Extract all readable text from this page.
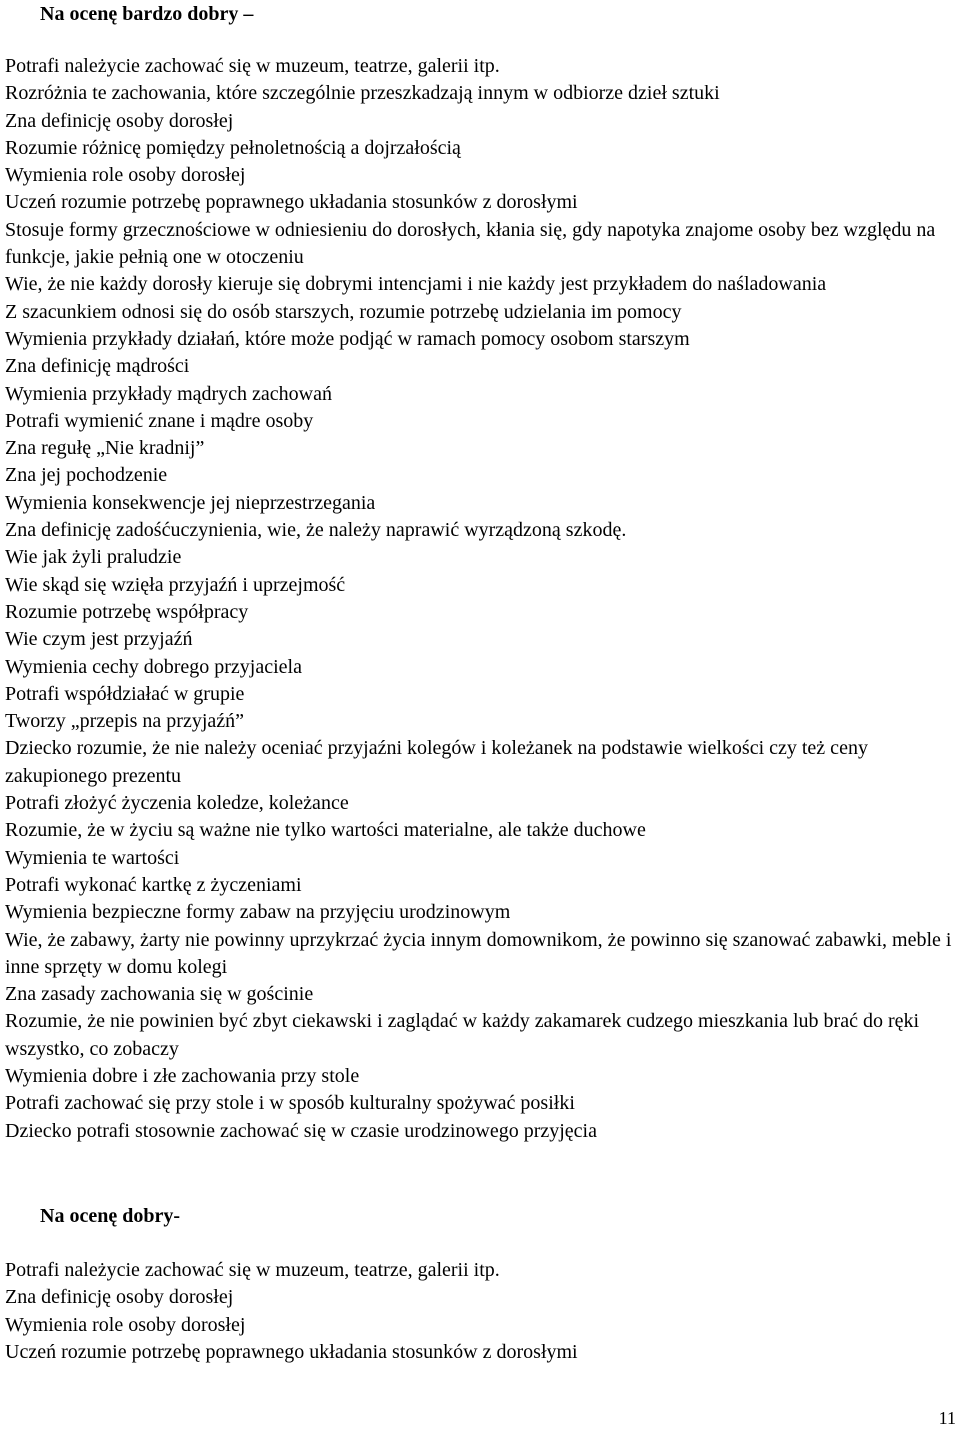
Na ocenę bardzo dobry –
Potrafi należycie zachować się w muzeum, teatrze, galerii itp.
Rozróżnia te zachowania, które szczególnie przeszkadzają innym w odbiorze dzieł sztuki
Zna definicję osoby dorosłej
Rozumie różnicę pomiędzy pełnoletnością a dojrzałością
Wymienia role osoby dorosłej
Uczeń rozumie potrzebę poprawnego układania stosunków z dorosłymi
Stosuje formy grzecznościowe w odniesieniu do dorosłych, kłania się, gdy napotyka znajome osoby bez względu na funkcje, jakie pełnią one w otoczeniu
Wie, że nie każdy dorosły kieruje się dobrymi intencjami i nie każdy jest przykładem do naśladowania
Z szacunkiem odnosi się do osób starszych, rozumie potrzebę udzielania im pomocy
Wymienia przykłady działań, które może podjąć w ramach pomocy osobom starszym
Zna definicję mądrości
Wymienia przykłady mądrych zachowań
Potrafi wymienić znane i mądre osoby
Zna regułę „Nie kradnij”
Zna jej pochodzenie
Wymienia konsekwencje jej nieprzestrzegania
Zna definicję zadośćuczynienia, wie, że należy naprawić wyrządzoną szkodę.
Wie jak żyli praludzie
Wie skąd się wzięła przyjaźń i uprzejmość
Rozumie potrzebę współpracy
Wie czym jest przyjaźń
Wymienia cechy dobrego przyjaciela
Potrafi współdziałać w grupie
Tworzy „przepis na przyjaźń”
Dziecko rozumie, że nie należy oceniać przyjaźni kolegów i koleżanek na podstawie wielkości czy też ceny zakupionego prezentu
Potrafi złożyć życzenia koledze, koleżance
Rozumie, że w życiu są ważne nie tylko wartości materialne, ale także duchowe
Wymienia te wartości
Potrafi wykonać kartkę z życzeniami
Wymienia bezpieczne formy zabaw na przyjęciu urodzinowym
Wie, że zabawy, żarty nie powinny uprzykrzać życia innym domownikom, że powinno się szanować zabawki, meble i inne sprzęty w domu kolegi
Zna zasady zachowania się w gościnie
Rozumie, że nie powinien być zbyt ciekawski i zaglądać w każdy zakamarek cudzego mieszkania lub brać do ręki wszystko, co zobaczy
Wymienia dobre i złe zachowania przy stole
Potrafi zachować się przy stole i w sposób kulturalny spożywać posiłki
Dziecko potrafi stosownie zachować się w czasie urodzinowego przyjęcia
Na ocenę dobry-
Potrafi należycie zachować się w muzeum, teatrze, galerii itp.
Zna definicję osoby dorosłej
Wymienia role osoby dorosłej
Uczeń rozumie potrzebę poprawnego układania stosunków z dorosłymi
11
